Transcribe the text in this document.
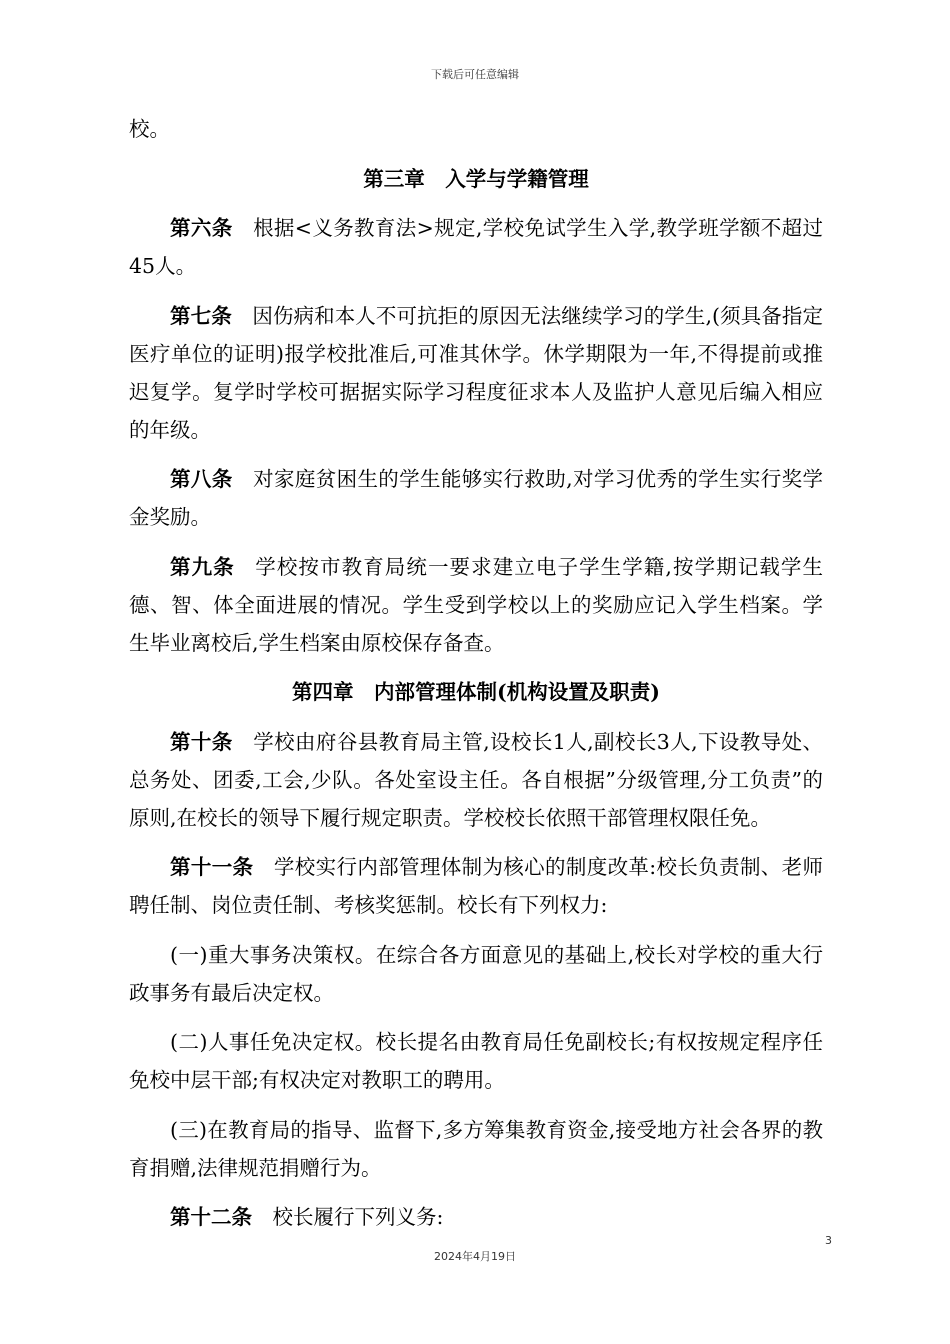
下载后可任意编辑

校。

第三章　入学与学籍管理

第六条 根据<义务教育法>规定,学校免试学生入学,教学班学额不超过45人。

第七条 因伤病和本人不可抗拒的原因无法继续学习的学生,(须具备指定医疗单位的证明)报学校批准后,可准其休学。休学期限为一年,不得提前或推迟复学。复学时学校可据据实际学习程度征求本人及监护人意见后编入相应的年级。

第八条 对家庭贫困生的学生能够实行救助,对学习优秀的学生实行奖学金奖励。

第九条 学校按市教育局统一要求建立电子学生学籍,按学期记载学生德、智、体全面进展的情况。学生受到学校以上的奖励应记入学生档案。学生毕业离校后,学生档案由原校保存备查。

第四章　内部管理体制(机构设置及职责)

第十条 学校由府谷县教育局主管,设校长1人,副校长3人,下设教导处、总务处、团委,工会,少队。各处室设主任。各自根据”分级管理,分工负责”的原则,在校长的领导下履行规定职责。学校校长依照干部管理权限任免。

第十一条 学校实行内部管理体制为核心的制度改革:校长负责制、老师聘任制、岗位责任制、考核奖惩制。校长有下列权力:

(一)重大事务决策权。在综合各方面意见的基础上,校长对学校的重大行政事务有最后决定权。

(二)人事任免决定权。校长提名由教育局任免副校长;有权按规定程序任免校中层干部;有权决定对教职工的聘用。

(三)在教育局的指导、监督下,多方筹集教育资金,接受地方社会各界的教育捐赠,法律规范捐赠行为。

第十二条 校长履行下列义务:

3
2024年4月19日
